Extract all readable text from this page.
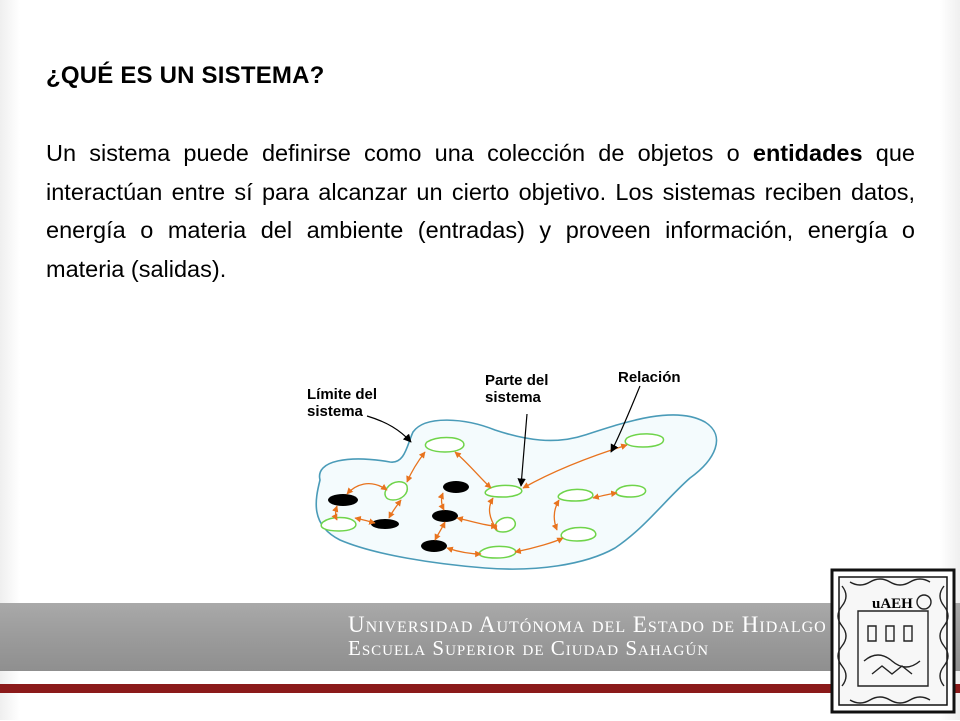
¿QUÉ ES UN SISTEMA?
Un sistema puede definirse como una colección de objetos o entidades que interactúan entre sí para alcanzar un cierto objetivo. Los sistemas reciben datos, energía o materia del ambiente (entradas) y proveen información, energía o materia (salidas).
Límite del
sistema
Parte del
sistema
Relación
Universidad Autónoma del Estado de Hidalgo
Escuela Superior de Ciudad Sahagún
uAEH
